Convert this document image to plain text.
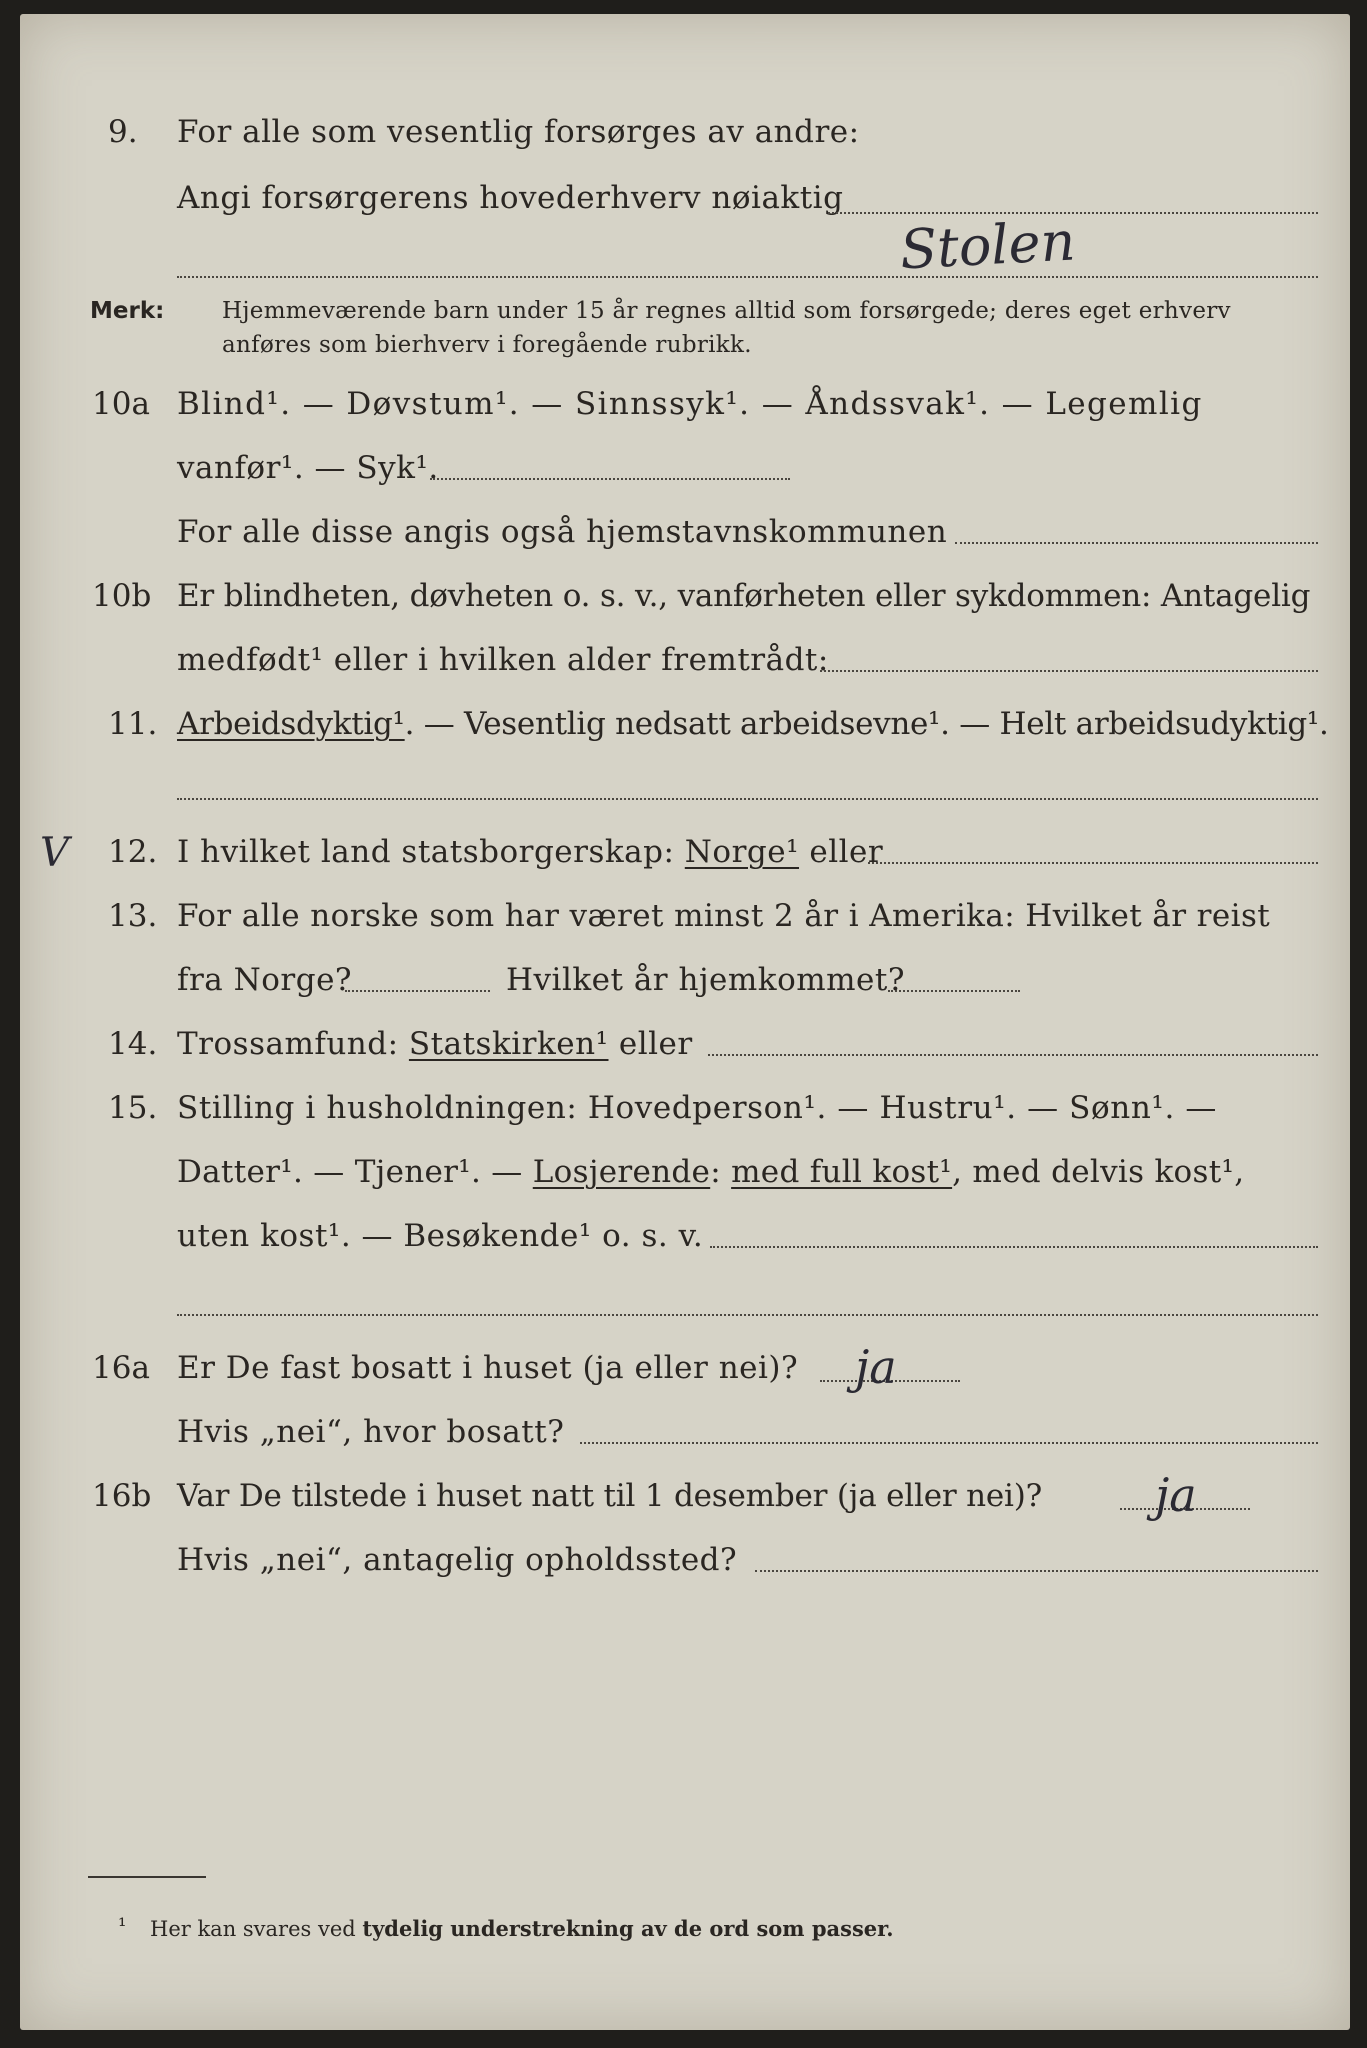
9. For alle som vesentlig forsørges av andre:
Angi forsørgerens hovederhverv nøiaktig
Stolen
Merk:	Hjemmeværende barn under 15 år regnes alltid som forsørgede; deres eget erhverv
anføres som bierhverv i foregående rubrikk.
10a Blind¹. — Døvstum¹. — Sinnssyk¹. — Åndssvak¹. — Legemlig
vanfør¹. — Syk¹.
For alle disse angis også hjemstavnskommunen
10b Er blindheten, døvheten o. s. v., vanførheten eller sykdommen: Antagelig
medfødt¹ eller i hvilken alder fremtrådt:
11. Arbeidsdyktig¹. — Vesentlig nedsatt arbeidsevne¹. — Helt arbeidsudyktig¹.
V 12. I hvilket land statsborgerskap: Norge¹ eller
13. For alle norske som har været minst 2 år i Amerika: Hvilket år reist
fra Norge?	Hvilket år hjemkommet?
14. Trossamfund: Statskirken¹ eller
15. Stilling i husholdningen: Hovedperson¹. — Hustru¹. — Sønn¹. —
Datter¹. — Tjener¹. — Losjerende: med full kost¹, med delvis kost¹,
uten kost¹. — Besøkende¹ o. s. v.
16a Er De fast bosatt i huset (ja eller nei)? ja
Hvis „nei“, hvor bosatt?
16b Var De tilstede i huset natt til 1 desember (ja eller nei)? ja
Hvis „nei“, antagelig opholdssted?
¹ Her kan svares ved tydelig understrekning av de ord som passer.
